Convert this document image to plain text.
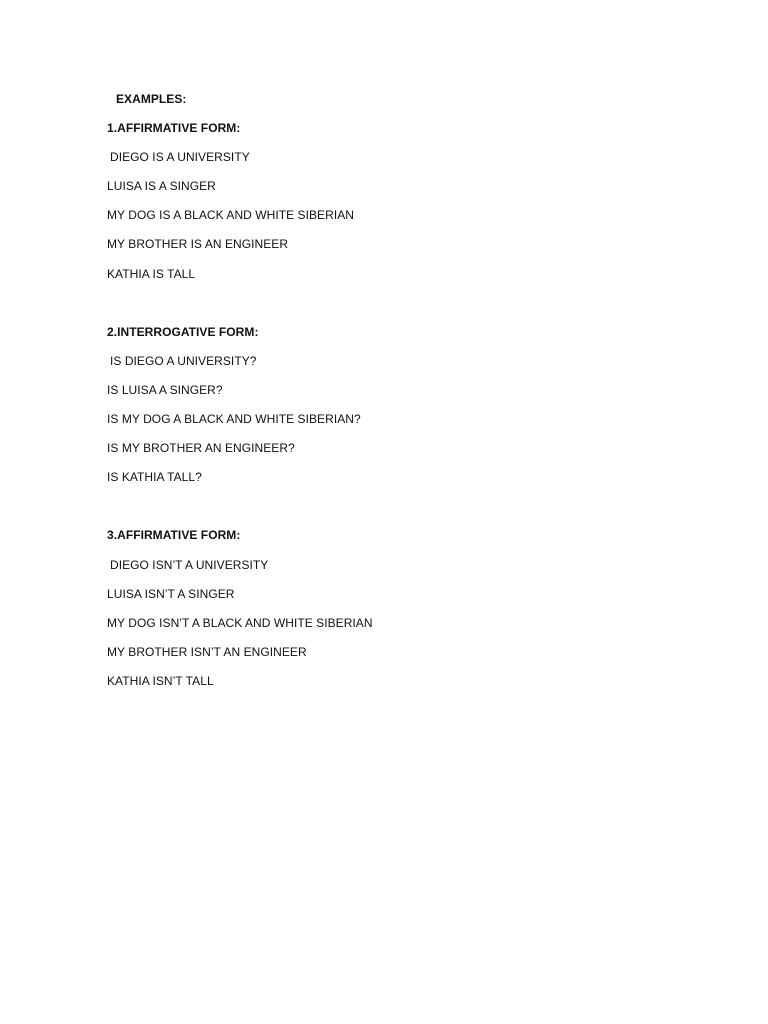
EXAMPLES:
1.AFFIRMATIVE FORM:
DIEGO IS A UNIVERSITY
LUISA IS A SINGER
MY DOG IS A BLACK AND WHITE SIBERIAN
MY BROTHER IS AN ENGINEER
KATHIA IS TALL
2.INTERROGATIVE FORM:
IS DIEGO A UNIVERSITY?
IS LUISA A SINGER?
IS MY DOG A BLACK AND WHITE SIBERIAN?
IS MY BROTHER AN ENGINEER?
IS KATHIA TALL?
3.AFFIRMATIVE FORM:
DIEGO ISN’T A UNIVERSITY
LUISA ISN’T A SINGER
MY DOG ISN’T A BLACK AND WHITE SIBERIAN
MY BROTHER ISN’T AN ENGINEER
KATHIA ISN’T TALL
